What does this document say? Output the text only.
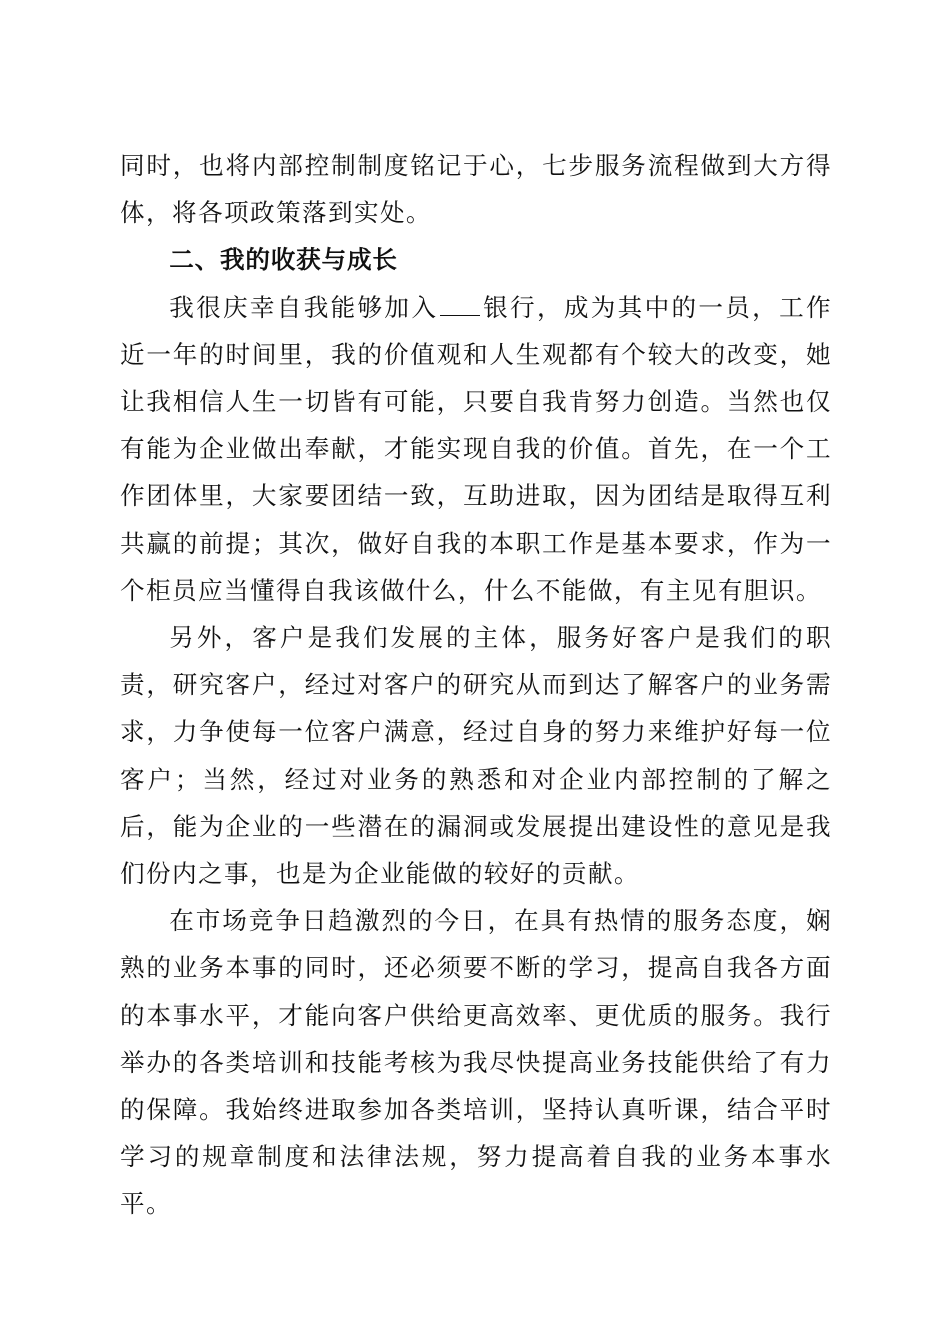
同时，也将内部控制制度铭记于心，七步服务流程做到大方得体，将各项政策落到实处。

二、我的收获与成长

我很庆幸自我能够加入 银行，成为其中的一员，工作近一年的时间里，我的价值观和人生观都有个较大的改变，她让我相信人生一切皆有可能，只要自我肯努力创造。当然也仅有能为企业做出奉献，才能实现自我的价值。首先，在一个工作团体里，大家要团结一致，互助进取，因为团结是取得互利共赢的前提；其次，做好自我的本职工作是基本要求，作为一个柜员应当懂得自我该做什么，什么不能做，有主见有胆识。

另外，客户是我们发展的主体，服务好客户是我们的职责，研究客户，经过对客户的研究从而到达了解客户的业务需求，力争使每一位客户满意，经过自身的努力来维护好每一位客户；当然，经过对业务的熟悉和对企业内部控制的了解之后，能为企业的一些潜在的漏洞或发展提出建设性的意见是我们份内之事，也是为企业能做的较好的贡献。

在市场竞争日趋激烈的今日，在具有热情的服务态度，娴熟的业务本事的同时，还必须要不断的学习，提高自我各方面的本事水平，才能向客户供给更高效率、更优质的服务。我行举办的各类培训和技能考核为我尽快提高业务技能供给了有力的保障。我始终进取参加各类培训，坚持认真听课，结合平时学习的规章制度和法律法规，努力提高着自我的业务本事水平。
